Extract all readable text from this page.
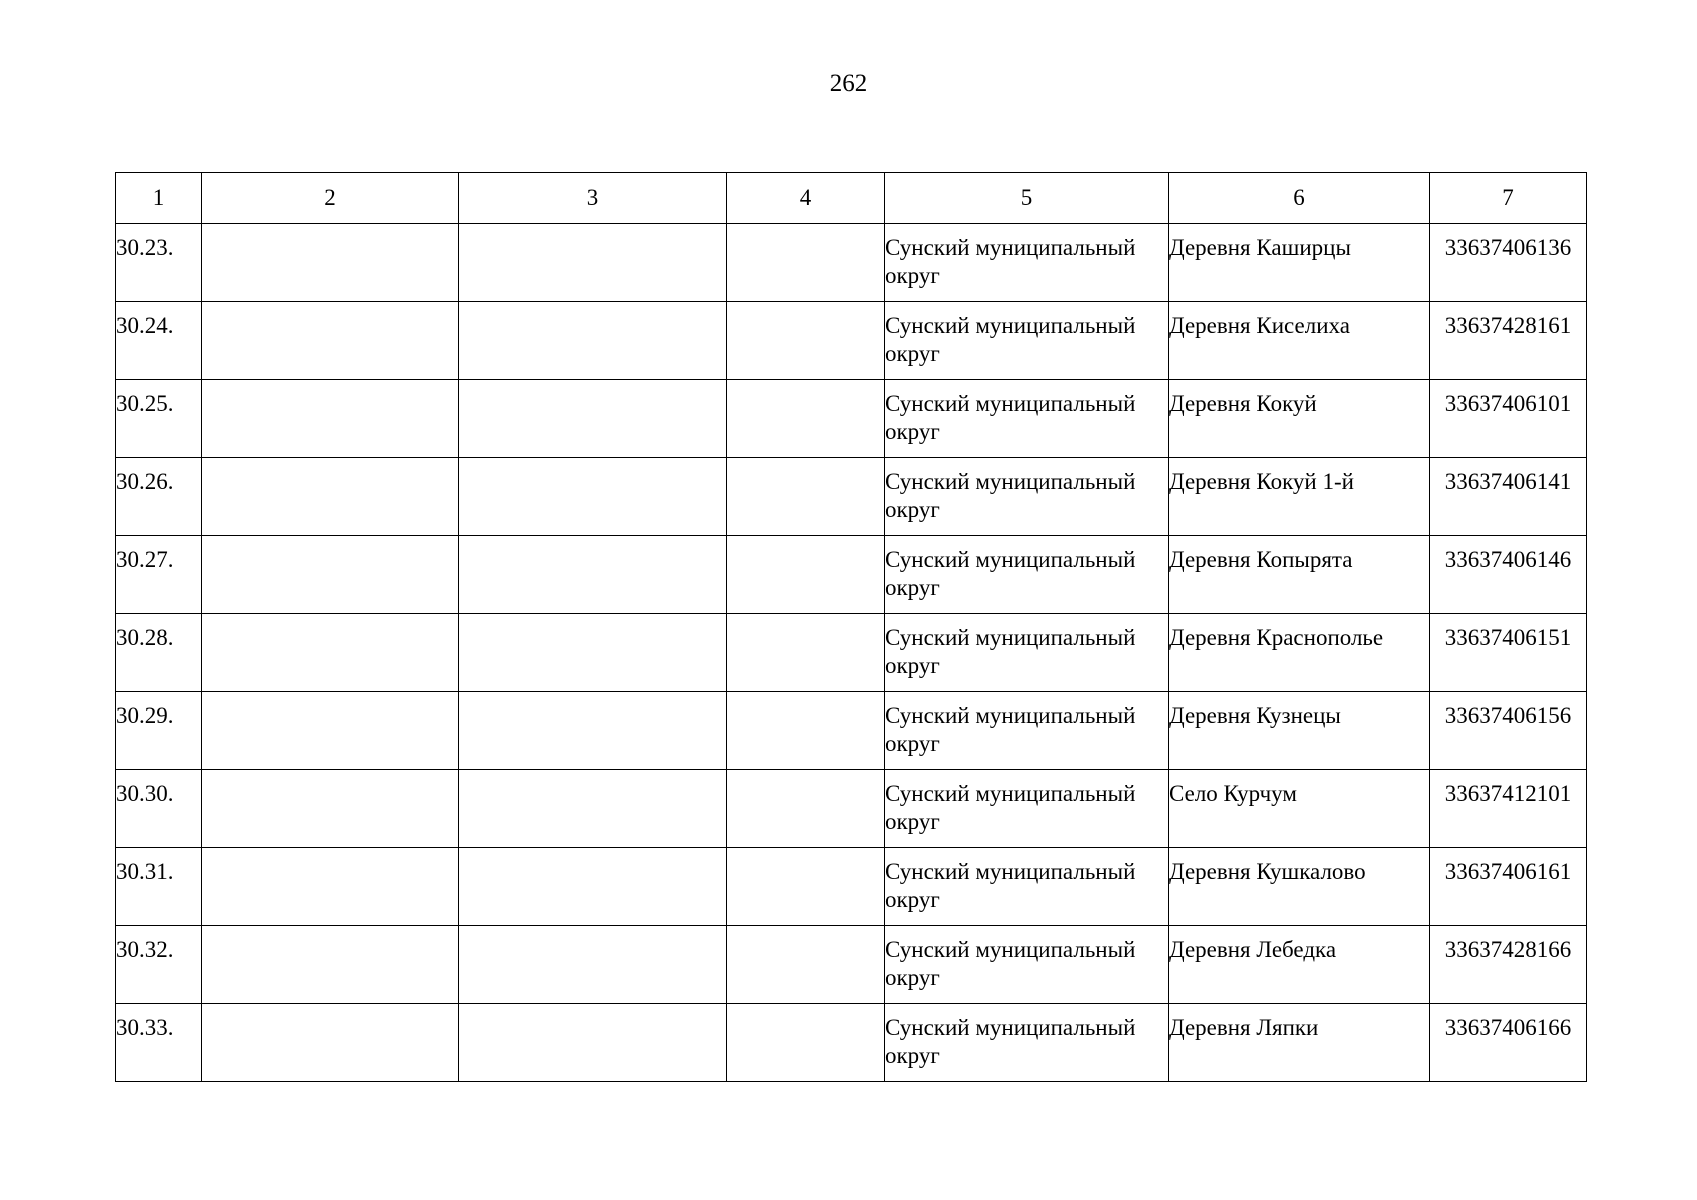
262
1	2	3	4	5	6	7
30.23.				Сунский муниципальный округ	Деревня Каширцы	33637406136
30.24.				Сунский муниципальный округ	Деревня Киселиха	33637428161
30.25.				Сунский муниципальный округ	Деревня Кокуй	33637406101
30.26.				Сунский муниципальный округ	Деревня Кокуй 1-й	33637406141
30.27.				Сунский муниципальный округ	Деревня Копырята	33637406146
30.28.				Сунский муниципальный округ	Деревня Краснополье	33637406151
30.29.				Сунский муниципальный округ	Деревня Кузнецы	33637406156
30.30.				Сунский муниципальный округ	Село Курчум	33637412101
30.31.				Сунский муниципальный округ	Деревня Кушкалово	33637406161
30.32.				Сунский муниципальный округ	Деревня Лебедка	33637428166
30.33.				Сунский муниципальный округ	Деревня Ляпки	33637406166
